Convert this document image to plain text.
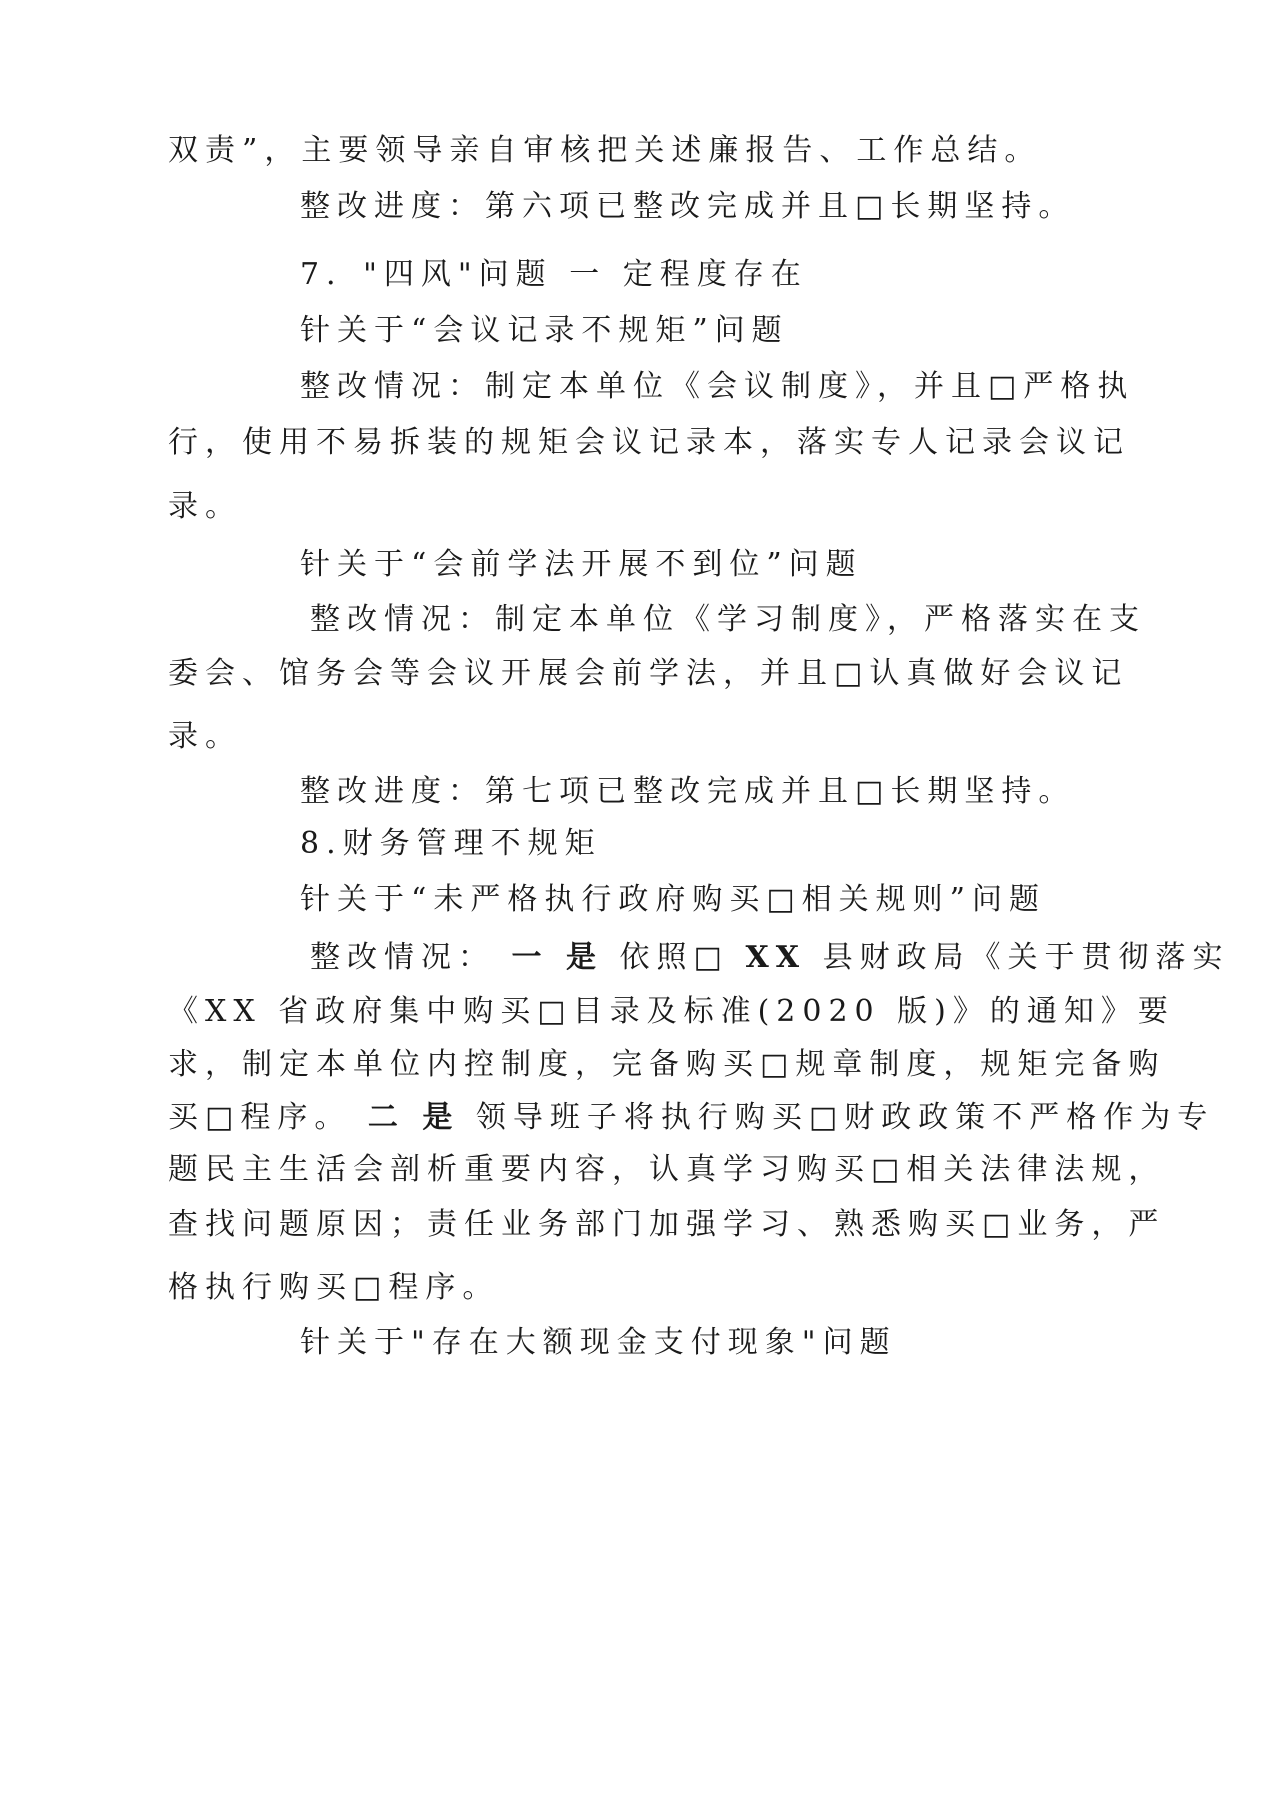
双责”，主要领导亲自审核把关述廉报告、工作总结。
整改进度：第六项已整改完成并且□长期坚持。
7．"四风"问题 一 定程度存在
针关于“会议记录不规矩”问题
整改情况：制定本单位《会议制度》，并且□严格执
行，使用不易拆装的规矩会议记录本，落实专人记录会议记
录。
针关于“会前学法开展不到位”问题
整改情况：制定本单位《学习制度》，严格落实在支
委会、馆务会等会议开展会前学法，并且□认真做好会议记
录。
整改进度：第七项已整改完成并且□长期坚持。
8.财务管理不规矩
针关于“未严格执行政府购买□相关规则”问题
整改情况： 一 是 依照□ XX 县财政局《关于贯彻落实
《XX 省政府集中购买□目录及标准(2020 版)》的通知》要
求，制定本单位内控制度，完备购买□规章制度，规矩完备购
买□程序。 二 是 领导班子将执行购买□财政政策不严格作为专
题民主生活会剖析重要内容，认真学习购买□相关法律法规，
查找问题原因；责任业务部门加强学习、熟悉购买□业务，严
格执行购买□程序。
针关于"存在大额现金支付现象"问题
